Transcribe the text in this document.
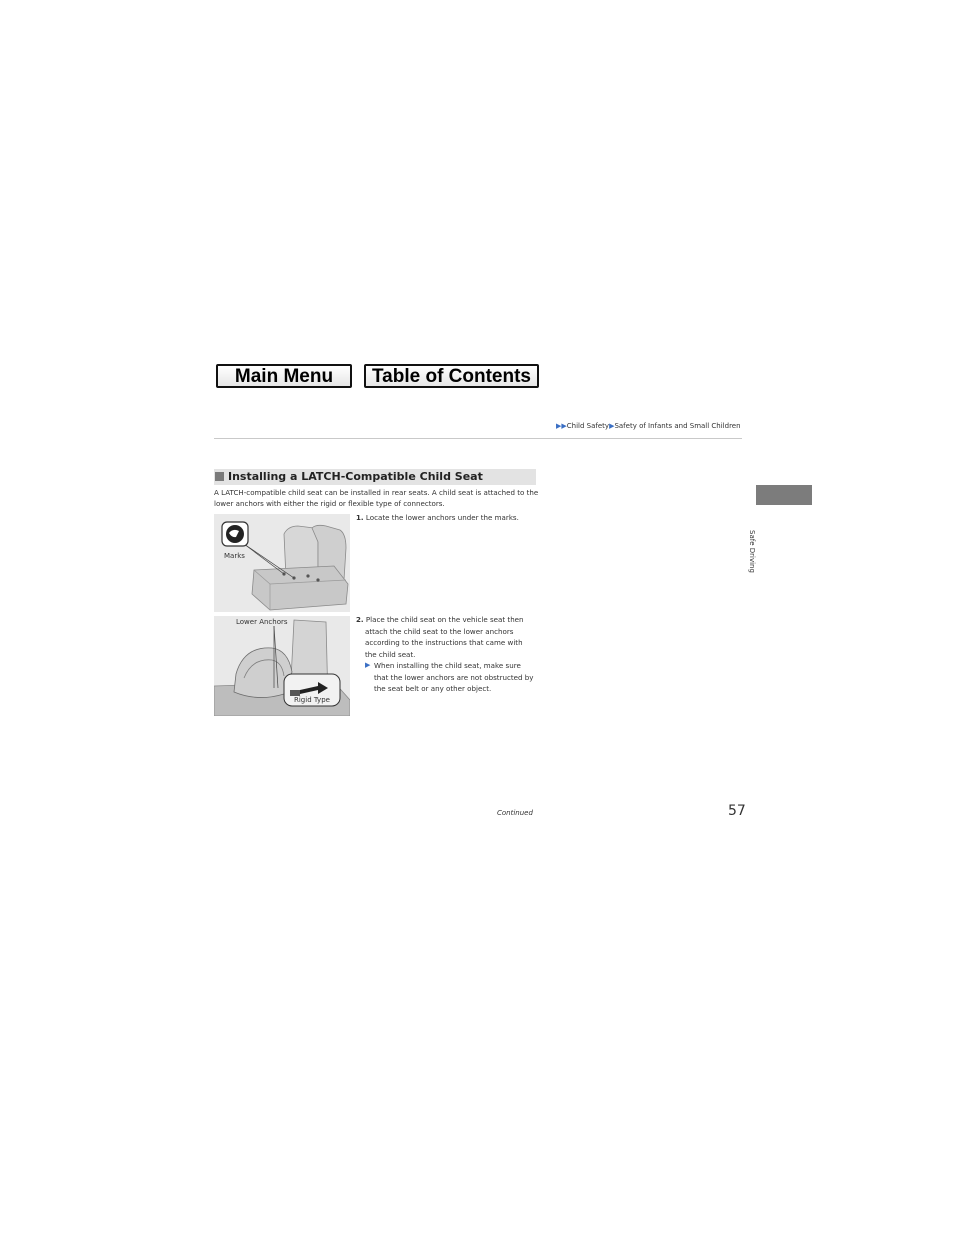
Main Menu	Table of Contents
▶▶Child Safety▶Safety of Infants and Small Children
Safe Driving
Installing a LATCH-Compatible Child Seat
A LATCH-compatible child seat can be installed in rear seats. A child seat is attached to the lower anchors with either the rigid or flexible type of connectors.
Marks
Lower Anchors
Rigid Type
1. Locate the lower anchors under the marks.
2. Place the child seat on the vehicle seat then attach the child seat to the lower anchors according to the instructions that came with the child seat.
▶ When installing the child seat, make sure that the lower anchors are not obstructed by the seat belt or any other object.
Continued	57
